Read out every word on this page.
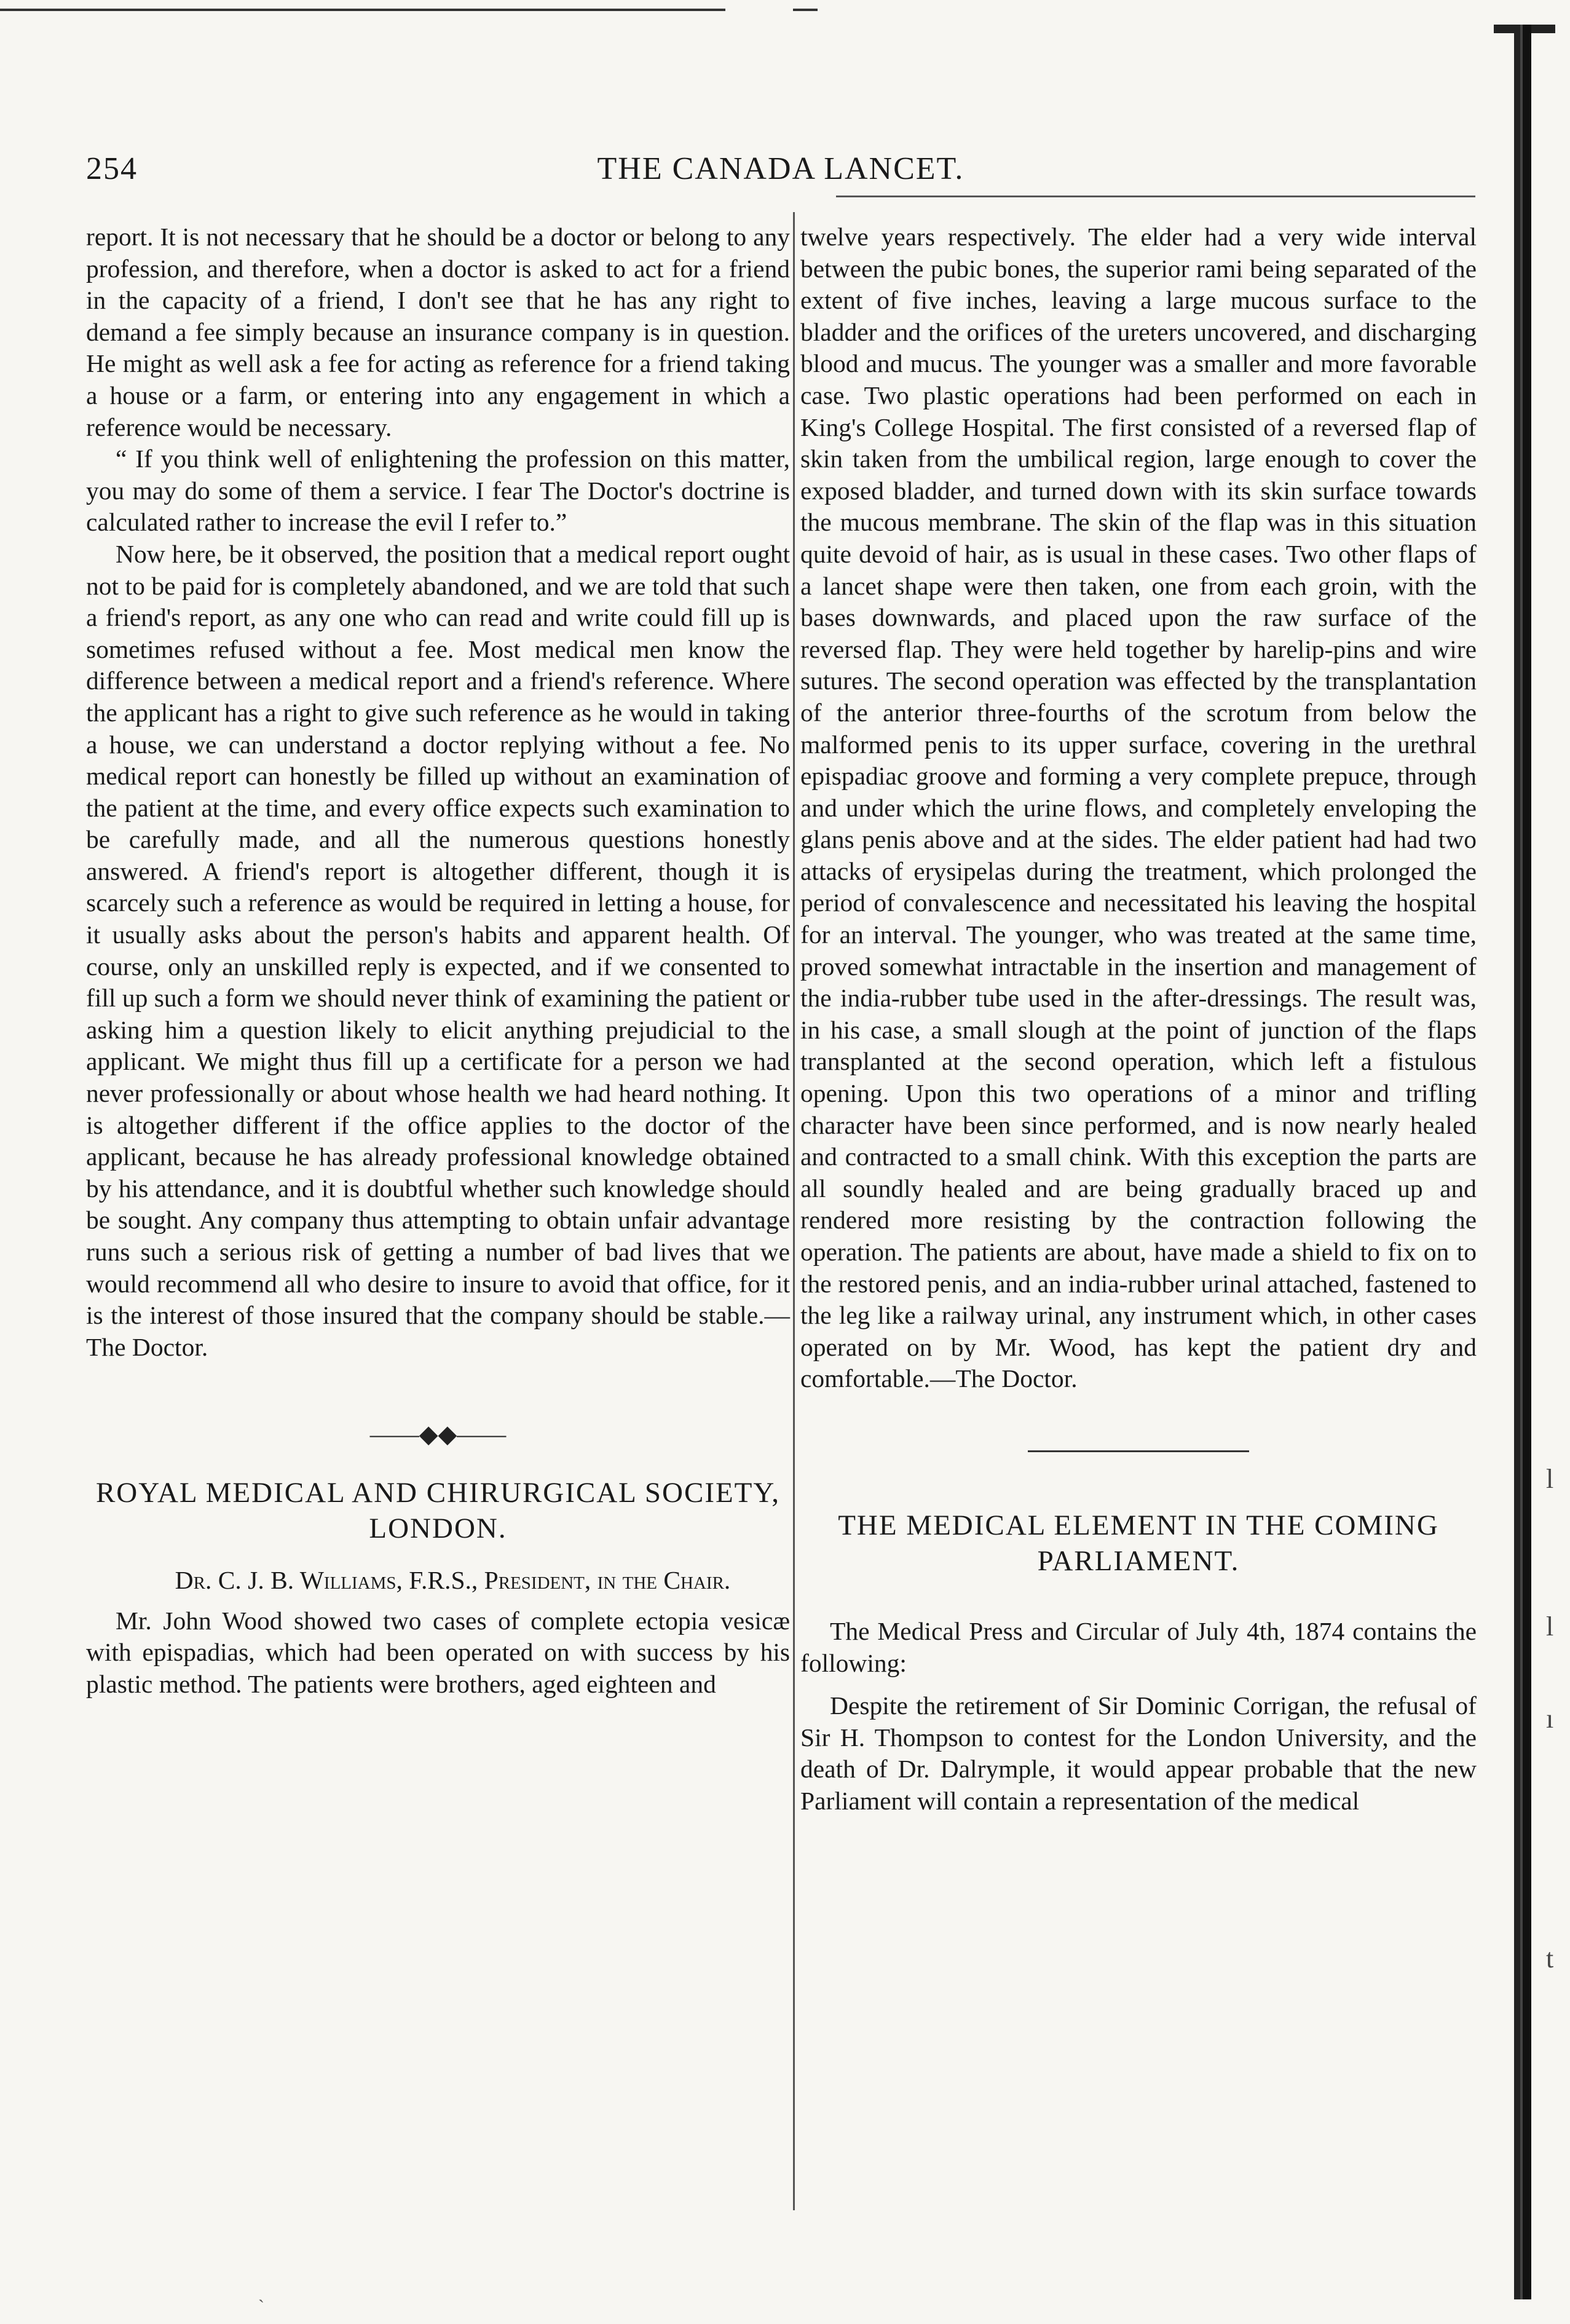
254	THE CANADA LANCET.

report. It is not necessary that he should be a doctor or belong to any profession, and therefore, when a doctor is asked to act for a friend in the capacity of a friend, I don't see that he has any right to demand a fee simply because an insurance company is in question. He might as well ask a fee for acting as reference for a friend taking a house or a farm, or entering into any engagement in which a reference would be necessary.

“ If you think well of enlightening the profession on this matter, you may do some of them a service. I fear The Doctor's doctrine is calculated rather to increase the evil I refer to.”

Now here, be it observed, the position that a medical report ought not to be paid for is completely abandoned, and we are told that such a friend's report, as any one who can read and write could fill up is sometimes refused without a fee. Most medical men know the difference between a medical report and a friend's reference. Where the applicant has a right to give such reference as he would in taking a house, we can understand a doctor replying without a fee. No medical report can honestly be filled up without an examination of the patient at the time, and every office expects such examination to be carefully made, and all the numerous questions honestly answered. A friend's report is altogether different, though it is scarcely such a reference as would be required in letting a house, for it usually asks about the person's habits and apparent health. Of course, only an unskilled reply is expected, and if we consented to fill up such a form we should never think of examining the patient or asking him a question likely to elicit anything prejudicial to the applicant. We might thus fill up a certificate for a person we had never professionally or about whose health we had heard nothing. It is altogether different if the office applies to the doctor of the applicant, because he has already professional knowledge obtained by his attendance, and it is doubtful whether such knowledge should be sought. Any company thus attempting to obtain unfair advantage runs such a serious risk of getting a number of bad lives that we would recommend all who desire to insure to avoid that office, for it is the interest of those insured that the company should be stable.—The Doctor.

——◆◆——

ROYAL MEDICAL AND CHIRURGICAL SOCIETY, LONDON.

Dr. C. J. B. Williams, F.R.S., President, in the Chair.

Mr. John Wood showed two cases of complete ectopia vesicæ with epispadias, which had been operated on with success by his plastic method. The patients were brothers, aged eighteen and

twelve years respectively. The elder had a very wide interval between the pubic bones, the superior rami being separated of the extent of five inches, leaving a large mucous surface to the bladder and the orifices of the ureters uncovered, and discharging blood and mucus. The younger was a smaller and more favorable case. Two plastic operations had been performed on each in King's College Hospital. The first consisted of a reversed flap of skin taken from the umbilical region, large enough to cover the exposed bladder, and turned down with its skin surface towards the mucous membrane. The skin of the flap was in this situation quite devoid of hair, as is usual in these cases. Two other flaps of a lancet shape were then taken, one from each groin, with the bases downwards, and placed upon the raw surface of the reversed flap. They were held together by harelip-pins and wire sutures. The second operation was effected by the transplantation of the anterior three-fourths of the scrotum from below the malformed penis to its upper surface, covering in the urethral epispadiac groove and forming a very complete prepuce, through and under which the urine flows, and completely enveloping the glans penis above and at the sides. The elder patient had had two attacks of erysipelas during the treatment, which prolonged the period of convalescence and necessitated his leaving the hospital for an interval. The younger, who was treated at the same time, proved somewhat intractable in the insertion and management of the india-rubber tube used in the after-dressings. The result was, in his case, a small slough at the point of junction of the flaps transplanted at the second operation, which left a fistulous opening. Upon this two operations of a minor and trifling character have been since performed, and is now nearly healed and contracted to a small chink. With this exception the parts are all soundly healed and are being gradually braced up and rendered more resisting by the contraction following the operation. The patients are about, have made a shield to fix on to the restored penis, and an india-rubber urinal attached, fastened to the leg like a railway urinal, any instrument which, in other cases operated on by Mr. Wood, has kept the patient dry and comfortable.—The Doctor.

THE MEDICAL ELEMENT IN THE COMING PARLIAMENT.

The Medical Press and Circular of July 4th, 1874 contains the following:

Despite the retirement of Sir Dominic Corrigan, the refusal of Sir H. Thompson to contest for the London University, and the death of Dr. Dalrymple, it would appear probable that the new Parliament will contain a representation of the medical

l
l
ı
t
`
